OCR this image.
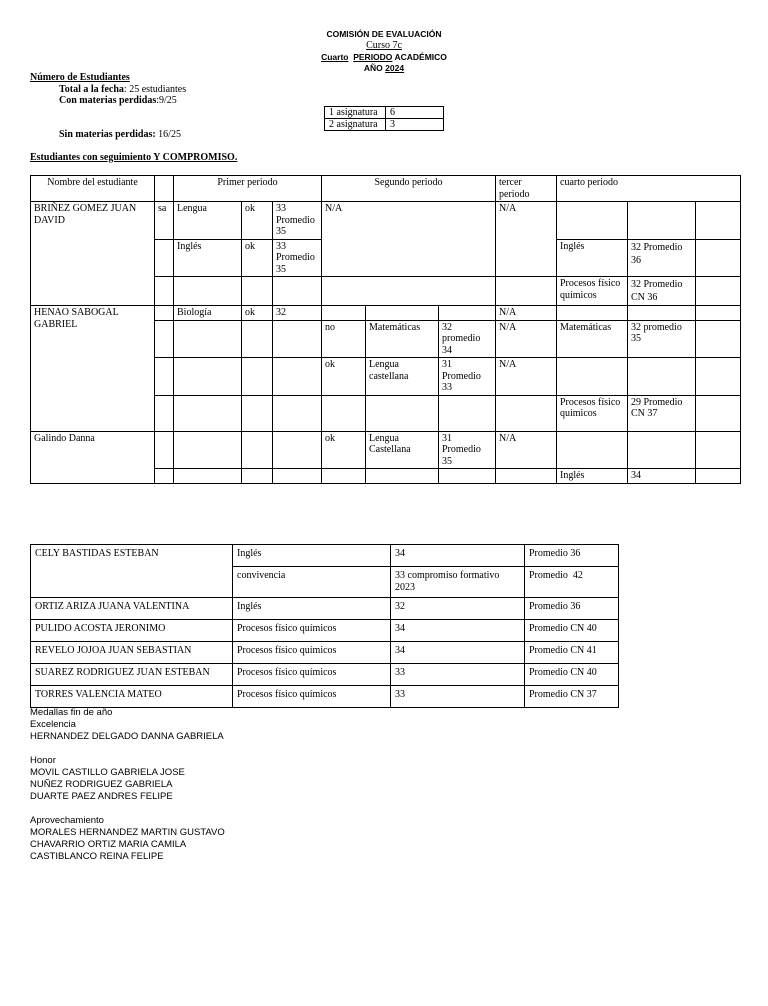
COMISIÓN DE EVALUACIÓN
Curso 7c
Cuarto PERIODO ACADÉMICO
AÑO 2024
Número de Estudiantes
Total a la fecha: 25 estudiantes
Con materias perdidas:9/25
Sin materias perdidas: 16/25
1 asignatura	6
2 asignatura	3
Estudiantes con seguimiento Y COMPROMISO.
Nombre del estudiante		Primer periodo			Segundo periodo			tercer periodo	cuarto periodo		
BRIÑEZ GOMEZ JUAN DAVID	sa	Lengua	ok	33 Promedio 35	N/A			N/A			
		Inglés	ok	33 Promedio 35					Inglés	32 Promedio 36	
									Procesos físico químicos	32 Promedio CN 36	
HENAO SABOGAL GABRIEL		Biología	ok	32				N/A			
					no	Matemáticas	32 promedio 34	N/A	Matemáticas	32 promedio 35	
					ok	Lengua castellana	31 Promedio 33	N/A			
									Procesos físico químicos	29 Promedio CN 37	
Galindo Danna					ok	Lengua Castellana	31 Promedio 35	N/A			
									Inglés	34	
CELY BASTIDAS ESTEBAN	Inglés	34	Promedio 36
	convivencia	33 compromiso formativo 2023	Promedio  42
ORTIZ ARIZA JUANA VALENTINA	Inglés	32	Promedio 36
PULIDO ACOSTA JERONIMO	Procesos físico químicos	34	Promedio CN 40
REVELO JOJOA JUAN SEBASTIAN	Procesos físico químicos	34	Promedio CN 41
SUAREZ RODRIGUEZ JUAN ESTEBAN	Procesos físico químicos	33	Promedio CN 40
TORRES VALENCIA MATEO	Procesos físico químicos	33	Promedio CN 37
Medallas fin de año
Excelencia
HERNANDEZ DELGADO DANNA GABRIELA
Honor
MOVIL CASTILLO GABRIELA JOSE
NUÑEZ RODRIGUEZ GABRIELA
DUARTE PAEZ ANDRES FELIPE
Aprovechamiento
MORALES HERNANDEZ MARTIN GUSTAVO
CHAVARRIO ORTIZ MARIA CAMILA
CASTIBLANCO REINA FELIPE
